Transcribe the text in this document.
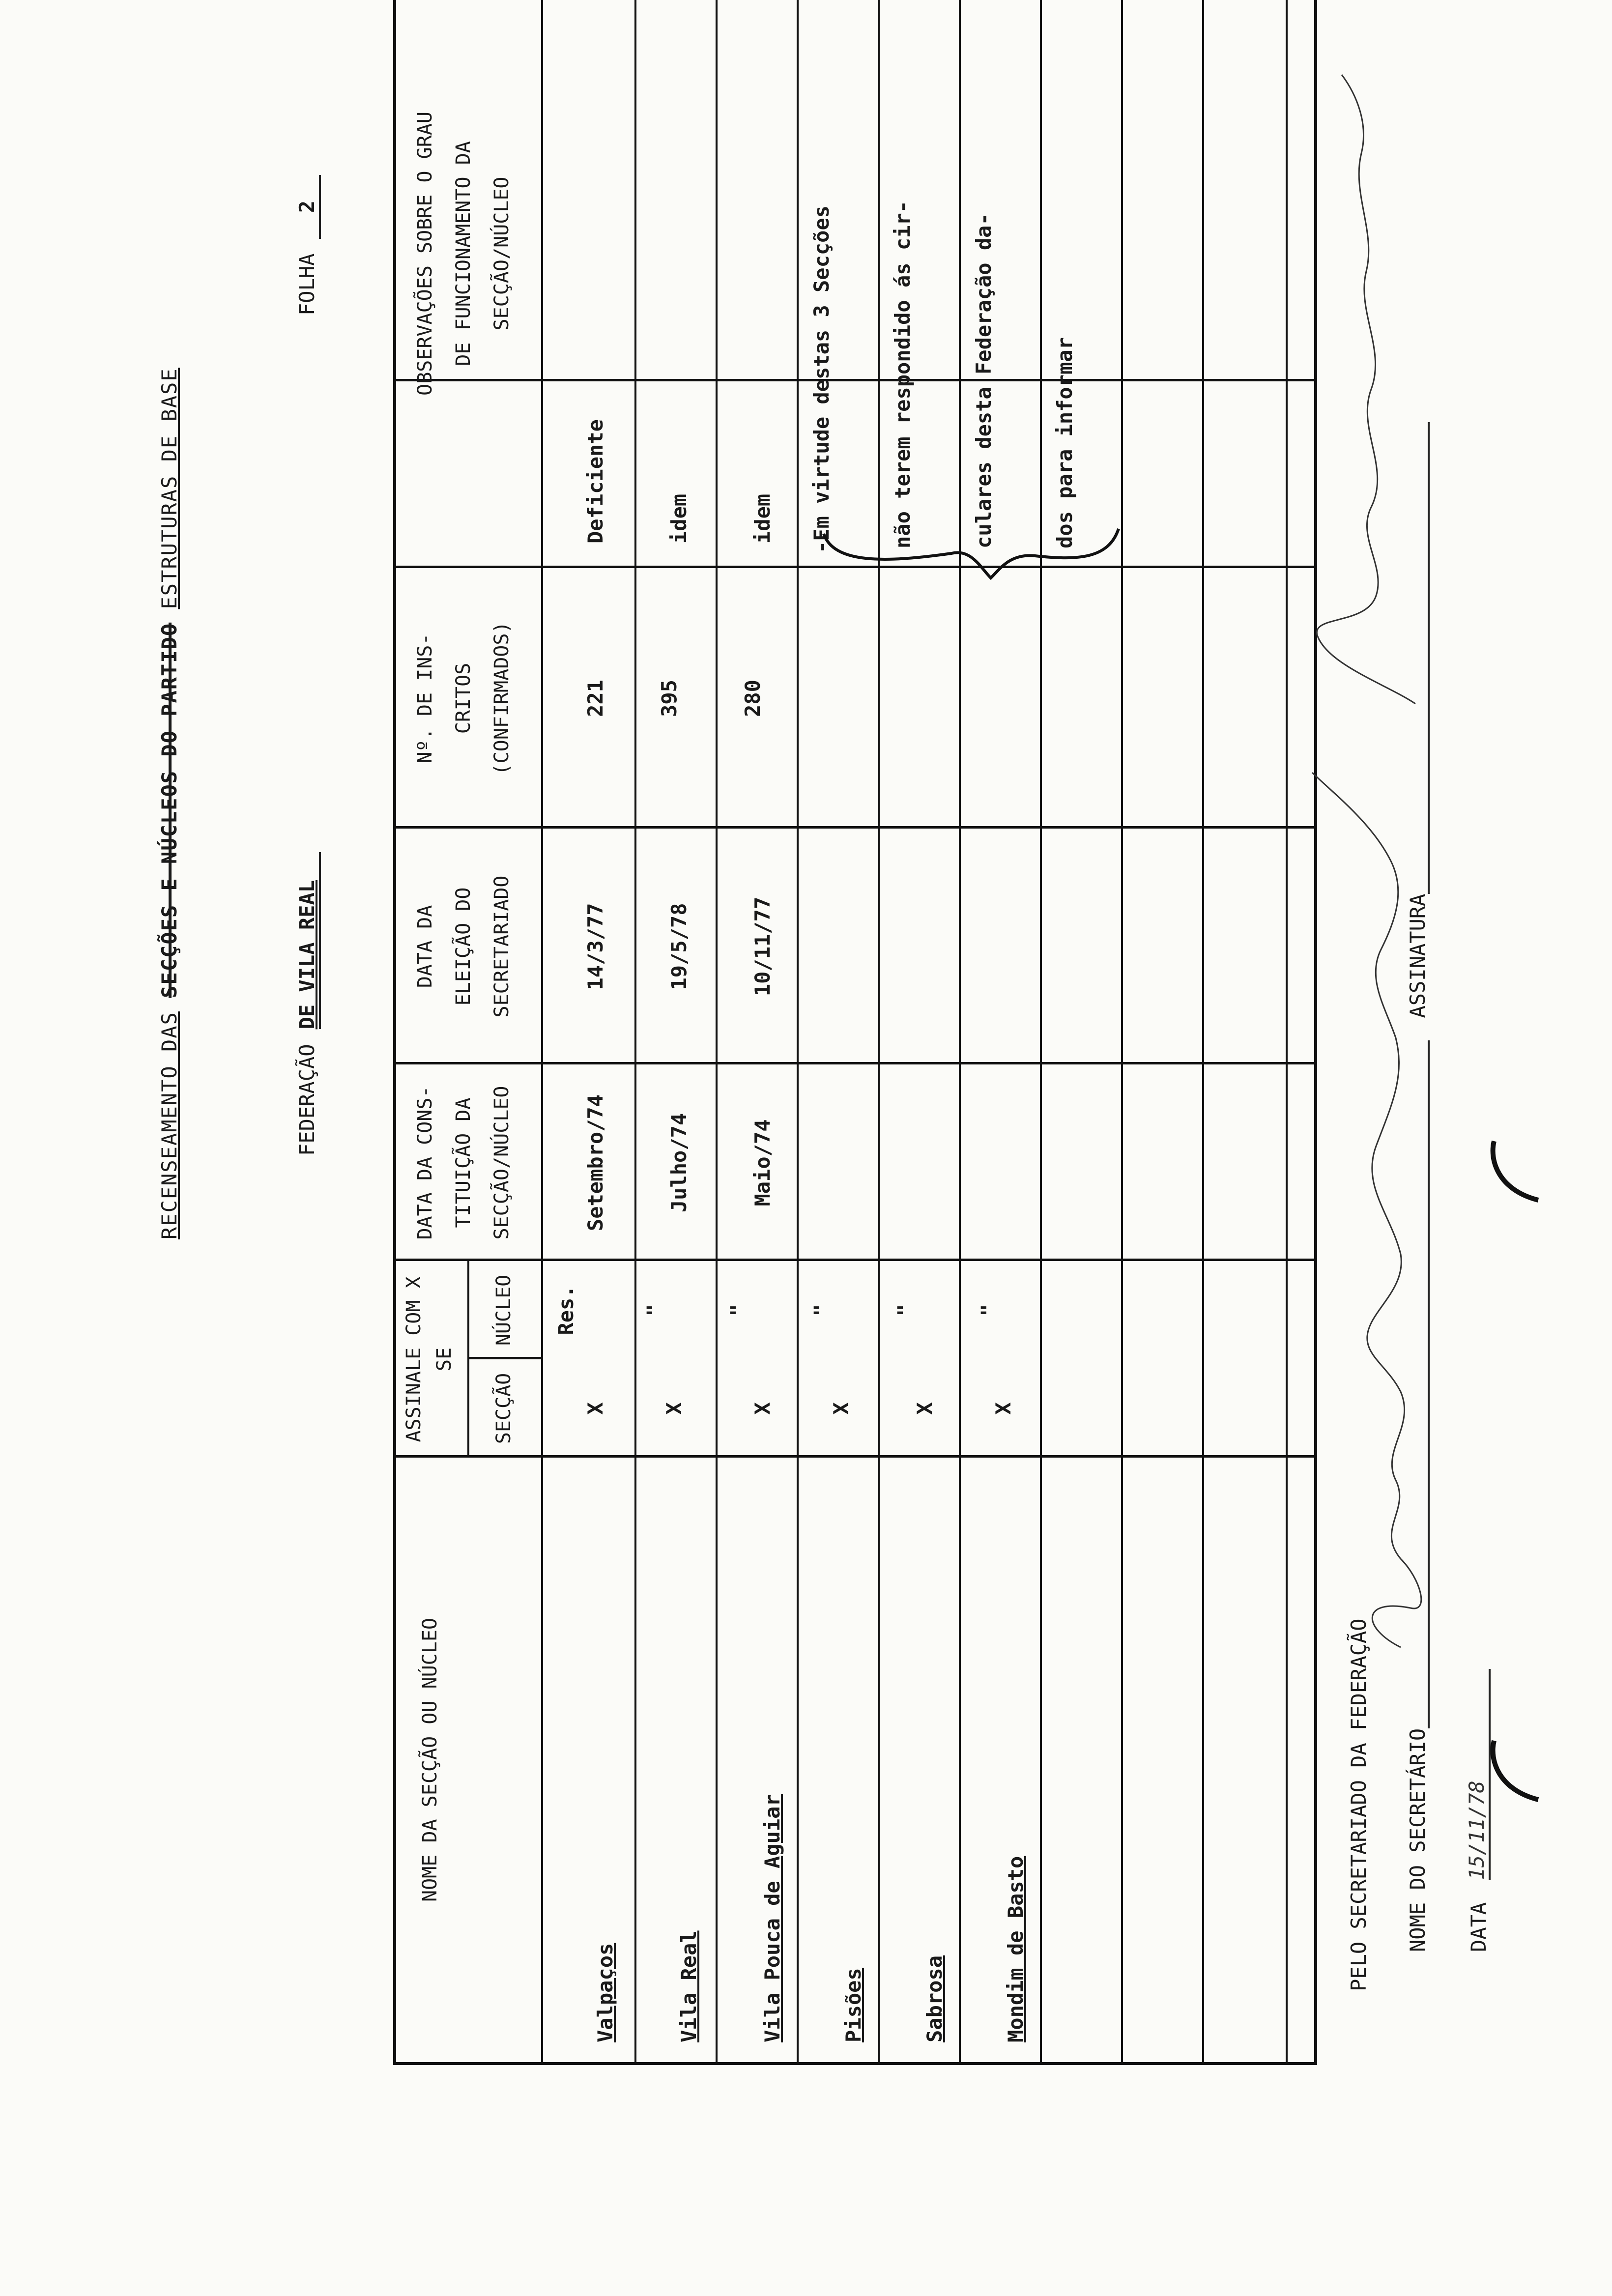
RECENSEAMENTO DAS SECÇÕES E NÚCLEOS DO PARTIDO ESTRUTURAS DE BASE
FEDERAÇÃODE VILA REAL
FOLHA2
NOME DA SECÇÃO OU NÚCLEO
ASSINALE COM X
SE
SECÇÃO
NÚCLEO
DATA DA CONS-
TITUIÇÃO DA
SECÇÃO/NÚCLEO
DATA DA
ELEIÇÃO DO
SECRETARIADO
Nº. DE INS-
CRITOS
(CONFIRMADOS)
OBSERVAÇÕES SOBRE O GRAU
DE FUNCIONAMENTO DA
SECÇÃO/NÚCLEO
Valpaços
X
Res.
Setembro/74
14/3/77
221
Deficiente
Vila Real
X
"
Julho/74
19/5/78
395
idem
Vila Pouca de Aguiar
X
"
Maio/74
10/11/77
280
idem
Pisões
X
"
-Em virtude destas 3 Secções
Sabrosa
X
"
não terem respondido ás cir-
Mondim de Basto
X
"
culares desta Federação da-	dos para informar
PELO SECRETARIADO DA FEDERAÇÃO NOME DO SECRETÁRIO ASSINATURA
DATA 15/11/78
